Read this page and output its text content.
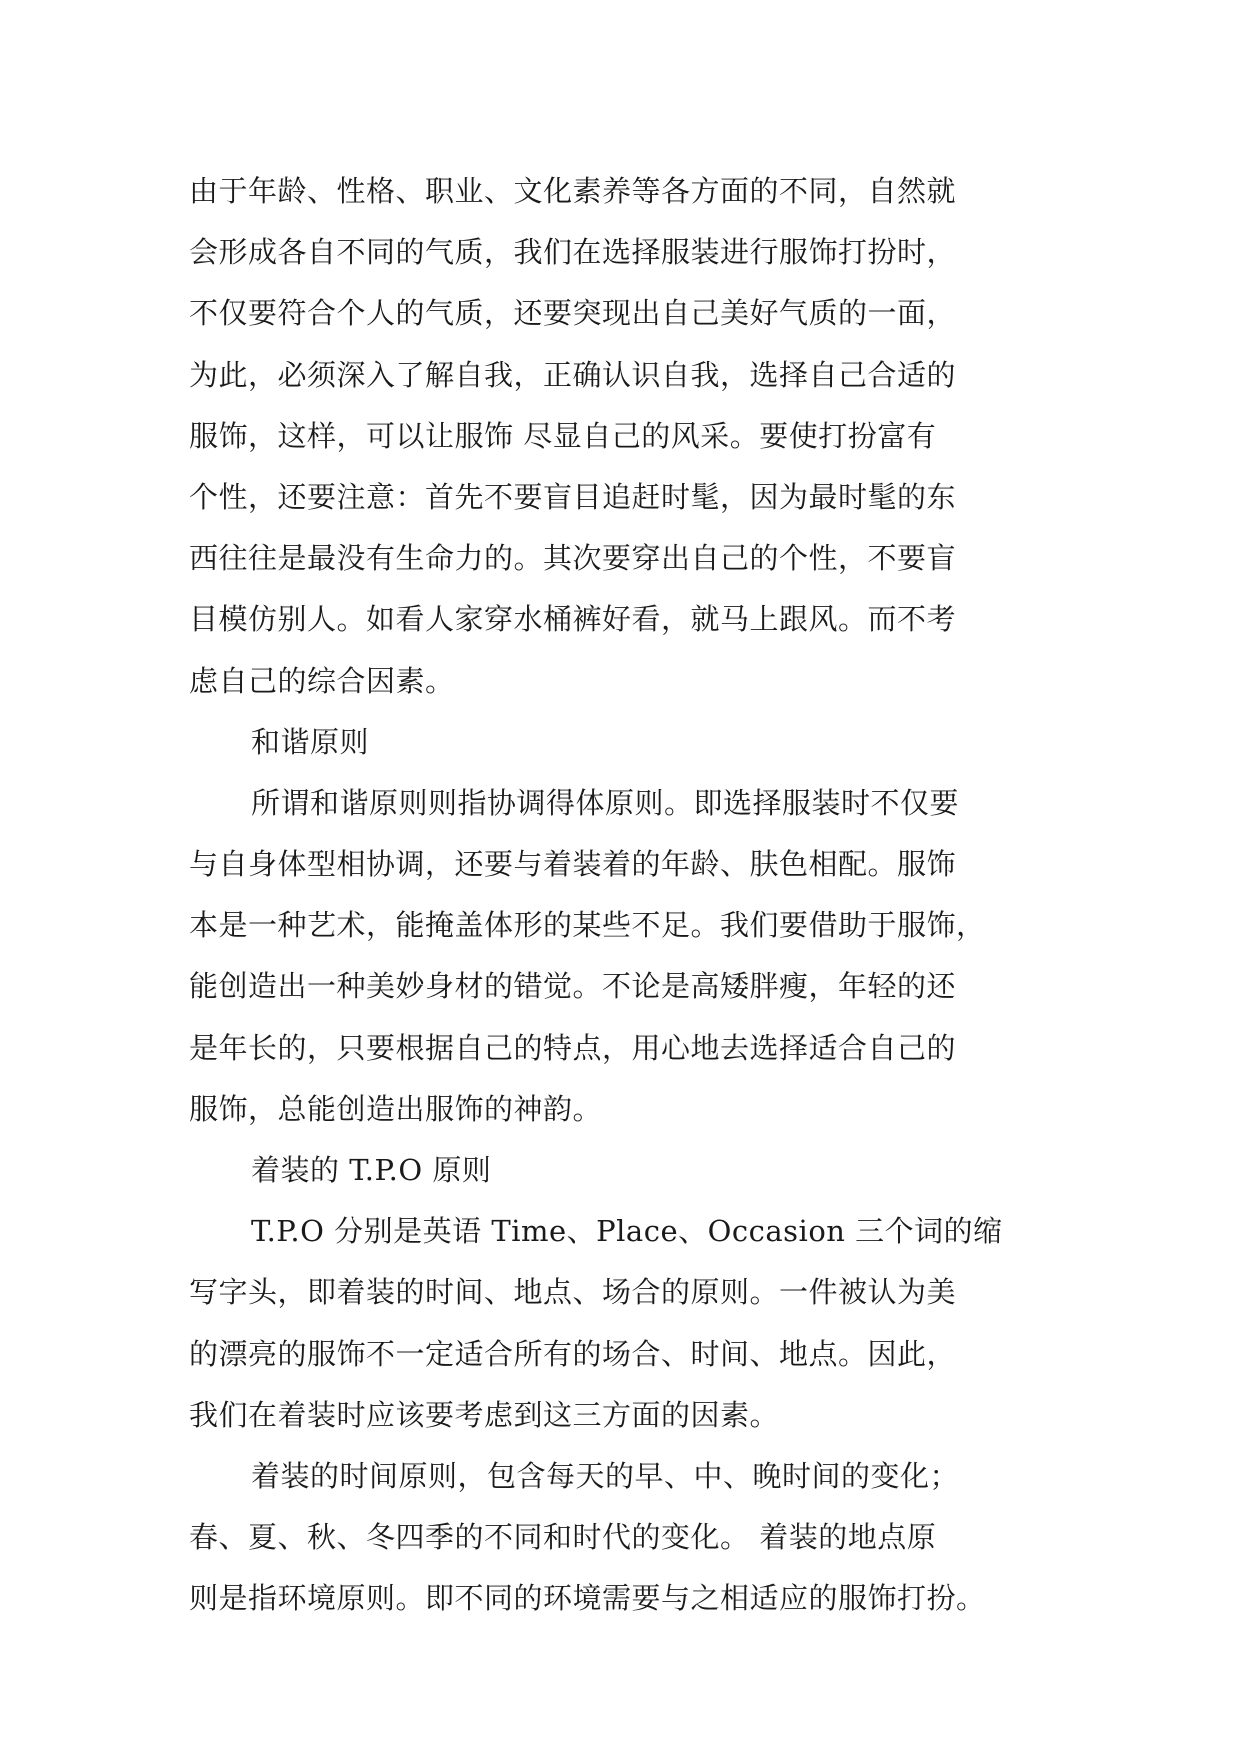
由于年龄、性格、职业、文化素养等各方面的不同，自然就
会形成各自不同的气质，我们在选择服装进行服饰打扮时，
不仅要符合个人的气质，还要突现出自己美好气质的一面，
为此，必须深入了解自我，正确认识自我，选择自己合适的
服饰，这样，可以让服饰 尽显自己的风采。要使打扮富有
个性，还要注意：首先不要盲目追赶时髦，因为最时髦的东
西往往是最没有生命力的。其次要穿出自己的个性，不要盲
目模仿别人。如看人家穿水桶裤好看，就马上跟风。而不考
虑自己的综合因素。
和谐原则
所谓和谐原则则指协调得体原则。即选择服装时不仅要
与自身体型相协调，还要与着装着的年龄、肤色相配。服饰
本是一种艺术，能掩盖体形的某些不足。我们要借助于服饰，
能创造出一种美妙身材的错觉。不论是高矮胖瘦，年轻的还
是年长的，只要根据自己的特点，用心地去选择适合自己的
服饰，总能创造出服饰的神韵。
着装的 T.P.O 原则
T.P.O 分别是英语 Time、Place、Occasion 三个词的缩
写字头，即着装的时间、地点、场合的原则。一件被认为美
的漂亮的服饰不一定适合所有的场合、时间、地点。因此，
我们在着装时应该要考虑到这三方面的因素。
着装的时间原则，包含每天的早、中、晚时间的变化；
春、夏、秋、冬四季的不同和时代的变化。 着装的地点原
则是指环境原则。即不同的环境需要与之相适应的服饰打扮。
